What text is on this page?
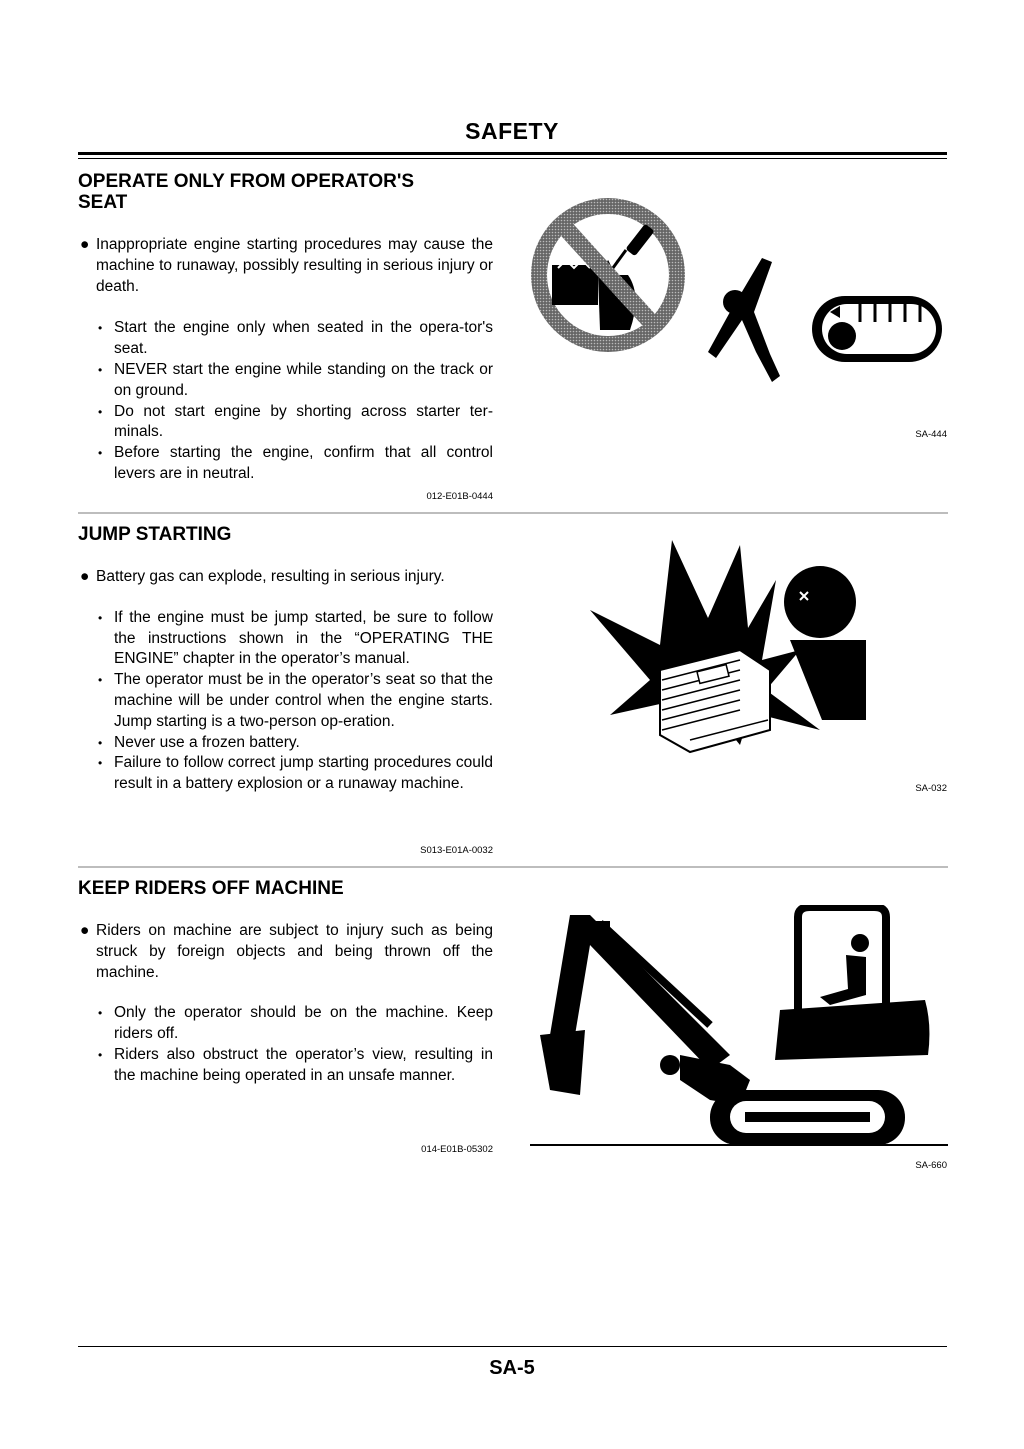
SAFETY
OPERATE ONLY FROM OPERATOR'S
SEAT

● Inappropriate engine starting procedures may cause the machine to runaway, possibly resulting in serious injury or death.

• Start the engine only when seated in the opera-tor's seat.
• NEVER start the engine while standing on the track or on ground.
• Do not start engine by shorting across starter ter-minals.
• Before starting the engine, confirm that all control levers are in neutral.
012-E01B-0444
SA-444
JUMP STARTING

● Battery gas can explode, resulting in serious injury.

• If the engine must be jump started, be sure to follow the instructions shown in the “OPERATING THE ENGINE” chapter in the operator’s manual.
• The operator must be in the operator’s seat so that the machine will be under control when the engine starts. Jump starting is a two-person op-eration.
• Never use a frozen battery.
• Failure to follow correct jump starting procedures could result in a battery explosion or a runaway machine.
S013-E01A-0032
SA-032
KEEP RIDERS OFF MACHINE

● Riders on machine are subject to injury such as being struck by foreign objects and being thrown off the machine.

• Only the operator should be on the machine. Keep riders off.
• Riders also obstruct the operator’s view, resulting in the machine being operated in an unsafe manner.
014-E01B-05302
SA-660
SA-5
